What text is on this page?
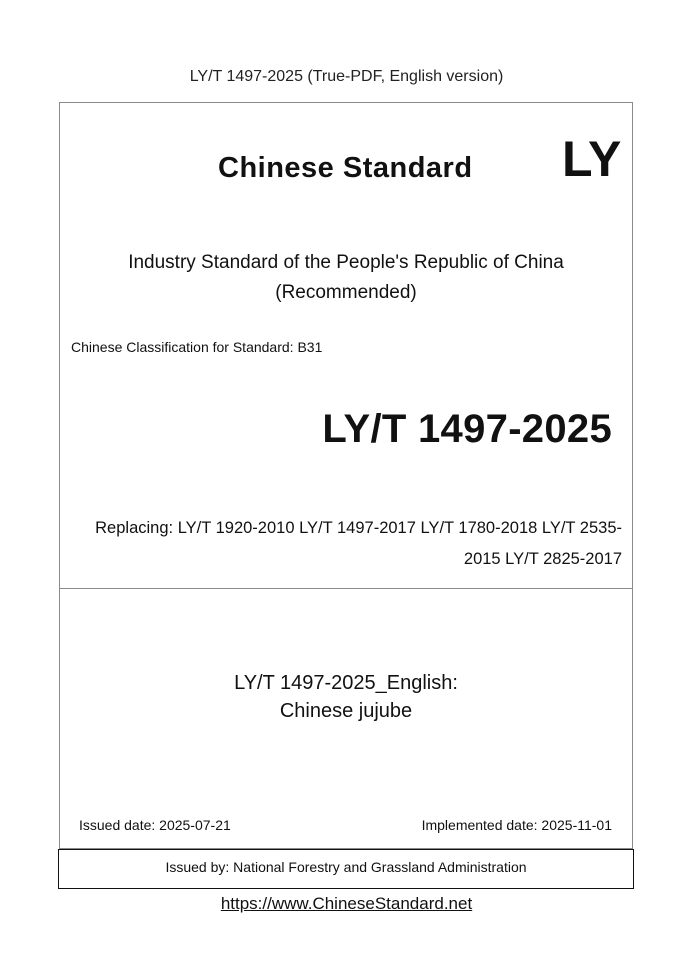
LY/T 1497-2025 (True-PDF, English version)
Chinese Standard LY
Industry Standard of the People's Republic of China
(Recommended)
Chinese Classification for Standard: B31
LY/T 1497-2025
Replacing: LY/T 1920-2010 LY/T 1497-2017 LY/T 1780-2018 LY/T 2535-
2015 LY/T 2825-2017
LY/T 1497-2025_English:
Chinese jujube
Issued date: 2025-07-21	Implemented date: 2025-11-01
Issued by: National Forestry and Grassland Administration
https://www.ChineseStandard.net
